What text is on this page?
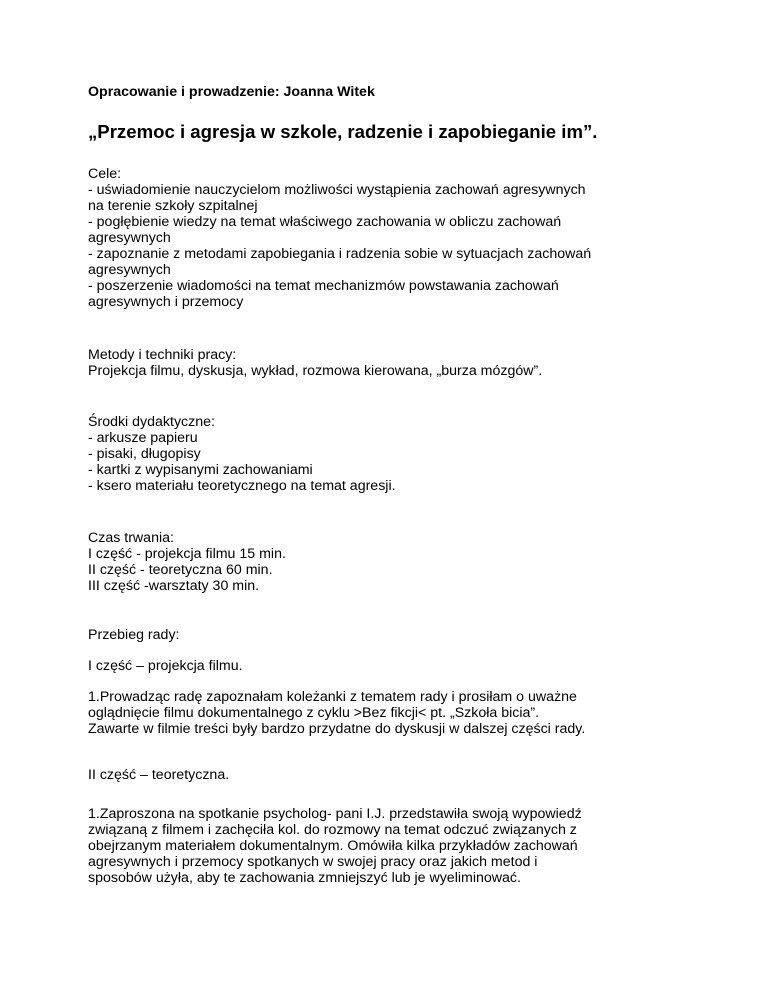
Opracowanie i prowadzenie: Joanna Witek
„Przemoc i agresja w szkole, radzenie i zapobieganie im”.
Cele:
- uświadomienie nauczycielom możliwości wystąpienia zachowań agresywnych
na terenie szkoły szpitalnej
- pogłębienie wiedzy na temat właściwego zachowania w obliczu zachowań
agresywnych
- zapoznanie z metodami zapobiegania i radzenia sobie w sytuacjach zachowań
agresywnych
- poszerzenie wiadomości na temat mechanizmów powstawania zachowań
agresywnych i przemocy
Metody i techniki pracy:
Projekcja filmu, dyskusja, wykład, rozmowa kierowana, „burza mózgów”.
Środki dydaktyczne:
- arkusze papieru
- pisaki, długopisy
- kartki z wypisanymi zachowaniami
- ksero materiału teoretycznego na temat agresji.
Czas trwania:
I część - projekcja filmu 15 min.
II część - teoretyczna 60 min.
III część -warsztaty 30 min.
Przebieg rady:
I część – projekcja filmu.
1.Prowadząc radę zapoznałam koleżanki z tematem rady i prosiłam o uważne
oglądnięcie filmu dokumentalnego z cyklu >Bez fikcji< pt. „Szkoła bicia”.
Zawarte w filmie treści były bardzo przydatne do dyskusji w dalszej części rady.
II część – teoretyczna.
1.Zaproszona na spotkanie psycholog- pani I.J. przedstawiła swoją wypowiedź
związaną z filmem i zachęciła kol. do rozmowy na temat odczuć związanych z
obejrzanym materiałem dokumentalnym. Omówiła kilka przykładów zachowań
agresywnych i przemocy spotkanych w swojej pracy oraz jakich metod i
sposobów użyła, aby te zachowania zmniejszyć lub je wyeliminować.
